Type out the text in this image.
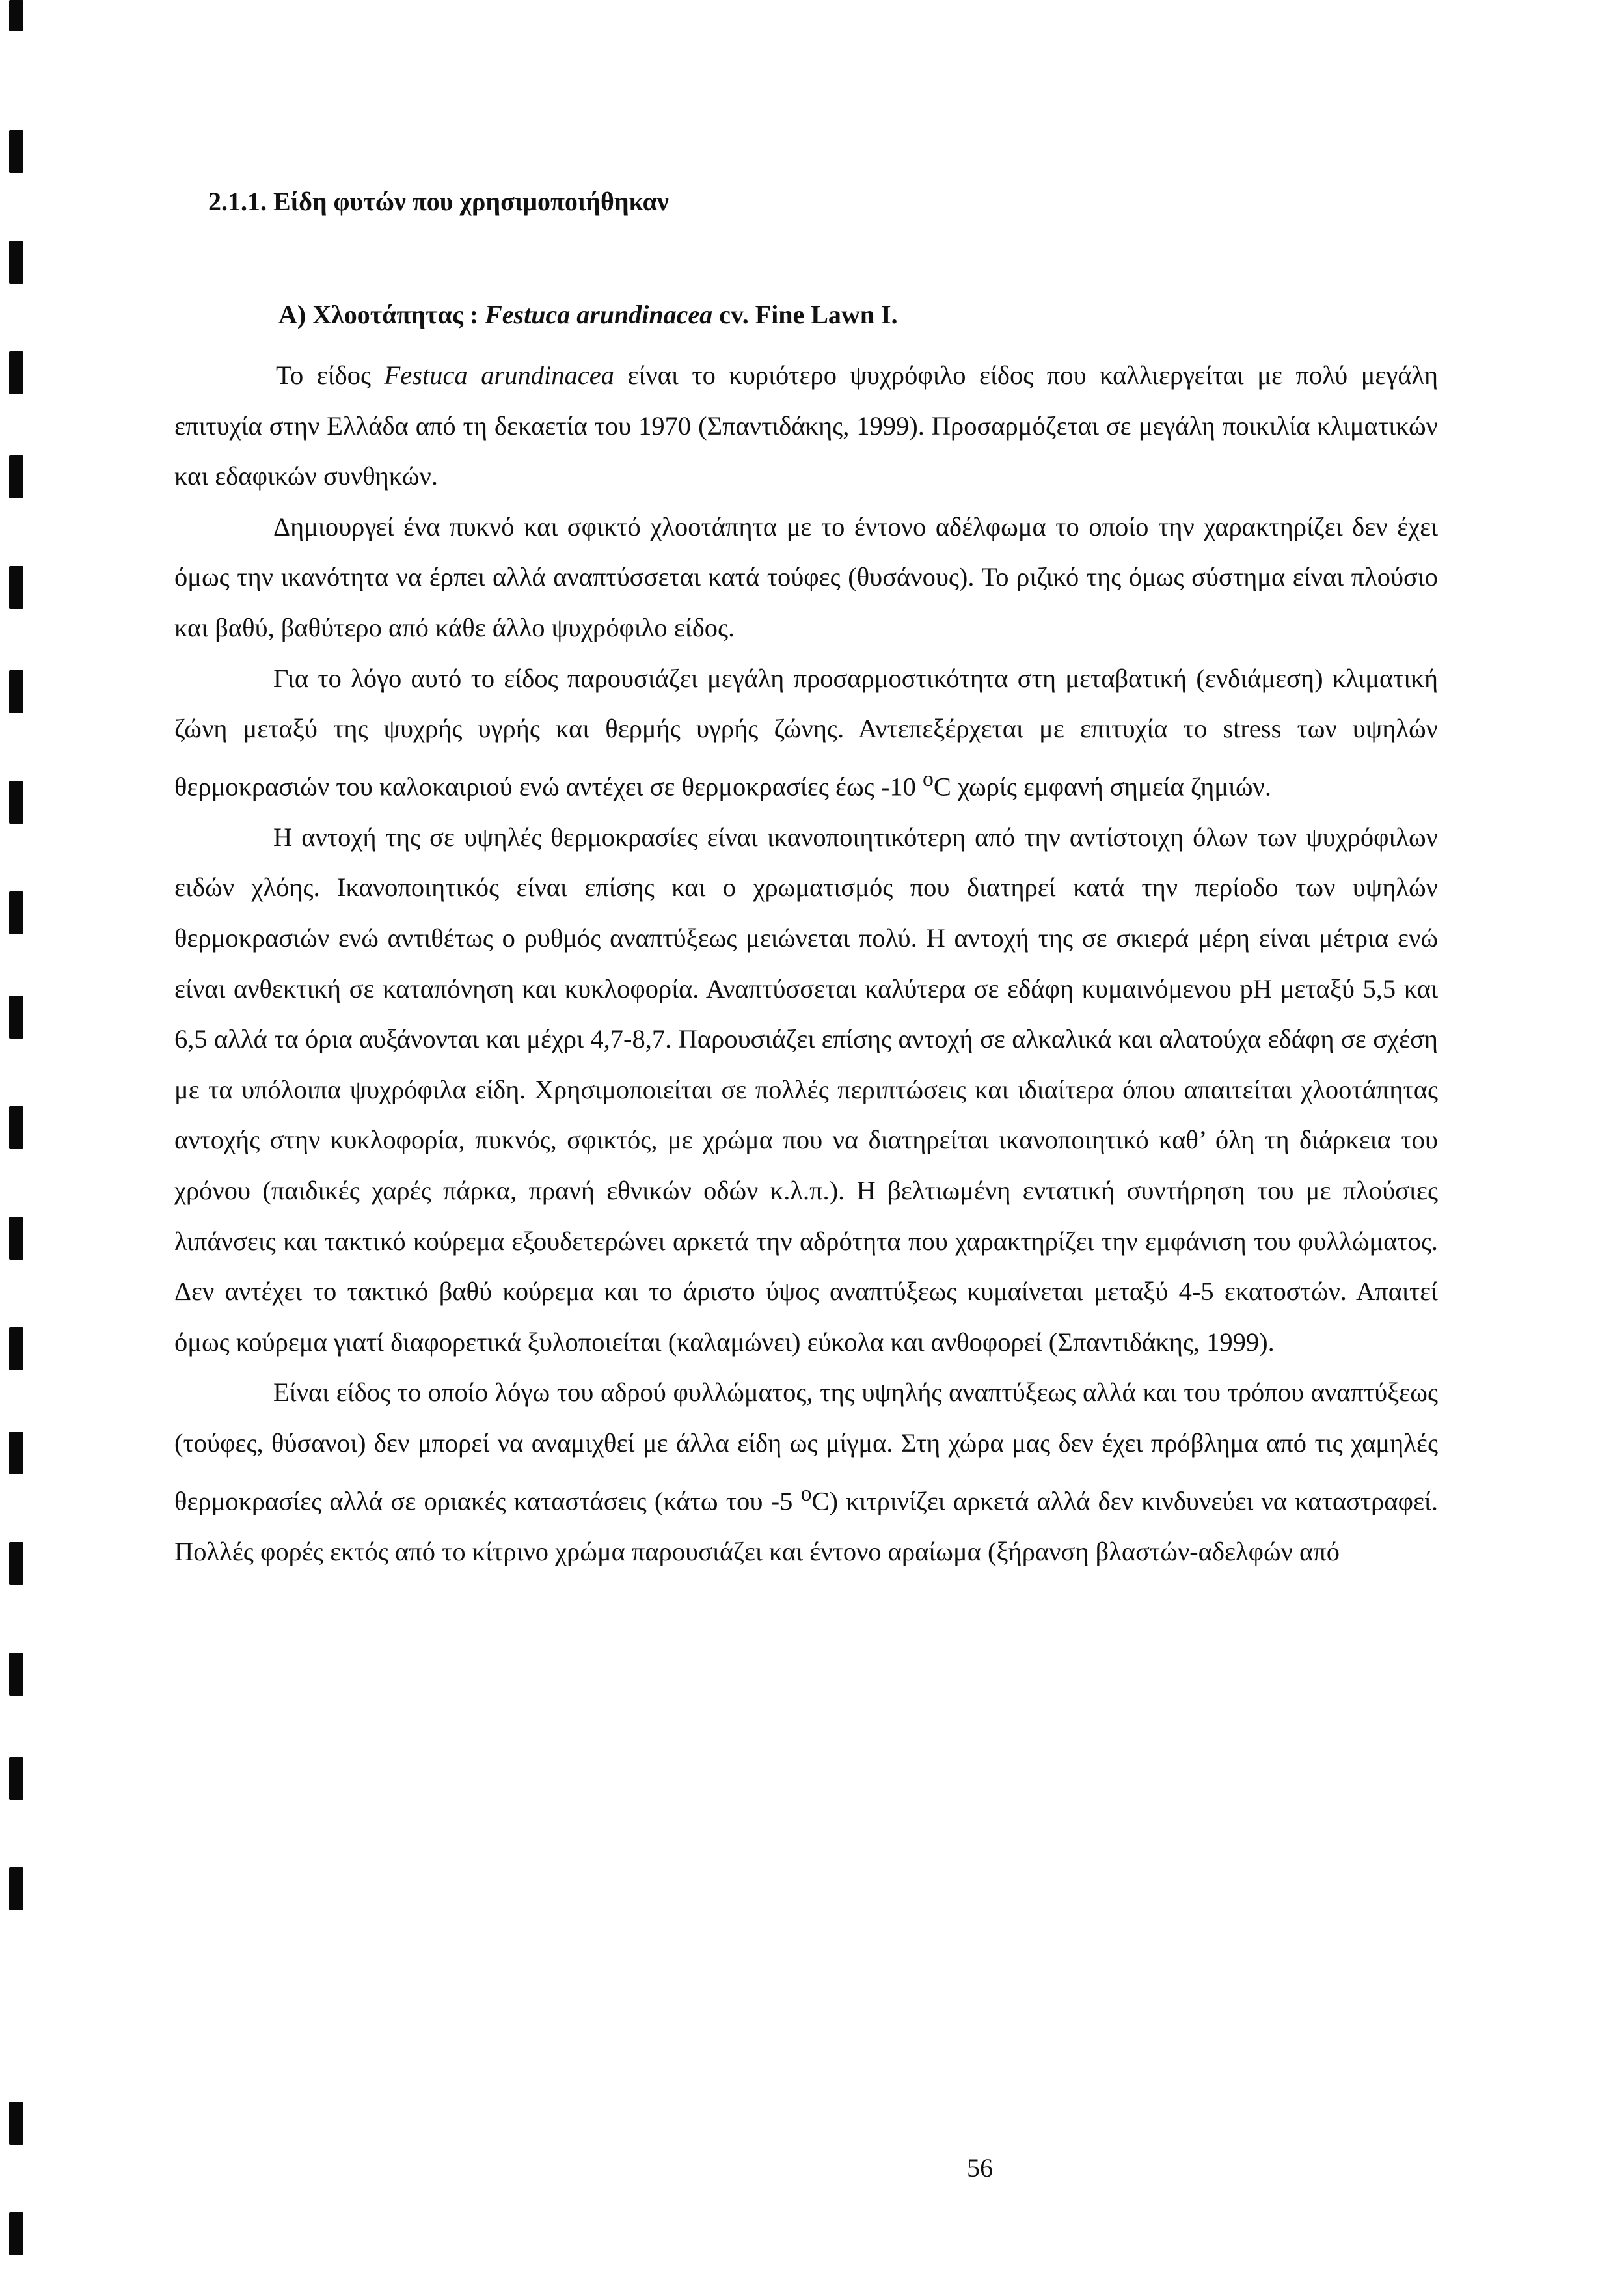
2.1.1. Είδη φυτών που χρησιμοποιήθηκαν
Α) Χλοοτάπητας : Festuca arundinacea cv. Fine Lawn I.

Το είδος Festuca arundinacea είναι το κυριότερο ψυχρόφιλο είδος που καλλιεργείται με πολύ μεγάλη επιτυχία στην Ελλάδα από τη δεκαετία του 1970 (Σπαντιδάκης, 1999). Προσαρμόζεται σε μεγάλη ποικιλία κλιματικών και εδαφικών συνθηκών.

Δημιουργεί ένα πυκνό και σφικτό χλοοτάπητα με το έντονο αδέλφωμα το οποίο την χαρακτηρίζει δεν έχει όμως την ικανότητα να έρπει αλλά αναπτύσσεται κατά τούφες (θυσάνους). Το ριζικό της όμως σύστημα είναι πλούσιο και βαθύ, βαθύτερο από κάθε άλλο ψυχρόφιλο είδος.

Για το λόγο αυτό το είδος παρουσιάζει μεγάλη προσαρμοστικότητα στη μεταβατική (ενδιάμεση) κλιματική ζώνη μεταξύ της ψυχρής υγρής και θερμής υγρής ζώνης. Αντεπεξέρχεται με επιτυχία το stress των υψηλών θερμοκρασιών του καλοκαιριού ενώ αντέχει σε θερμοκρασίες έως -10 $^o$C χωρίς εμφανή σημεία ζημιών.

Η αντοχή της σε υψηλές θερμοκρασίες είναι ικανοποιητικότερη από την αντίστοιχη όλων των ψυχρόφιλων ειδών χλόης. Ικανοποιητικός είναι επίσης και ο χρωματισμός που διατηρεί κατά την περίοδο των υψηλών θερμοκρασιών ενώ αντιθέτως ο ρυθμός αναπτύξεως μειώνεται πολύ. Η αντοχή της σε σκιερά μέρη είναι μέτρια ενώ είναι ανθεκτική σε καταπόνηση και κυκλοφορία. Αναπτύσσεται καλύτερα σε εδάφη κυμαινόμενου pH μεταξύ 5,5 και 6,5 αλλά τα όρια αυξάνονται και μέχρι 4,7-8,7. Παρουσιάζει επίσης αντοχή σε αλκαλικά και αλατούχα εδάφη σε σχέση με τα υπόλοιπα ψυχρόφιλα είδη. Χρησιμοποιείται σε πολλές περιπτώσεις και ιδιαίτερα όπου απαιτείται χλοοτάπητας αντοχής στην κυκλοφορία, πυκνός, σφικτός, με χρώμα που να διατηρείται ικανοποιητικό καθ’ όλη τη διάρκεια του χρόνου (παιδικές χαρές πάρκα, πρανή εθνικών οδών κ.λ.π.). Η βελτιωμένη εντατική συντήρηση του με πλούσιες λιπάνσεις και τακτικό κούρεμα εξουδετερώνει αρκετά την αδρότητα που χαρακτηρίζει την εμφάνιση του φυλλώματος. Δεν αντέχει το τακτικό βαθύ κούρεμα και το άριστο ύψος αναπτύξεως κυμαίνεται μεταξύ 4-5 εκατοστών. Απαιτεί όμως κούρεμα γιατί διαφορετικά ξυλοποιείται (καλαμώνει) εύκολα και ανθοφορεί (Σπαντιδάκης, 1999).

Είναι είδος το οποίο λόγω του αδρού φυλλώματος, της υψηλής αναπτύξεως αλλά και του τρόπου αναπτύξεως (τούφες, θύσανοι) δεν μπορεί να αναμιχθεί με άλλα είδη ως μίγμα. Στη χώρα μας δεν έχει πρόβλημα από τις χαμηλές θερμοκρασίες αλλά σε οριακές καταστάσεις (κάτω του -5 $^o$C) κιτρινίζει αρκετά αλλά δεν κινδυνεύει να καταστραφεί. Πολλές φορές εκτός από το κίτρινο χρώμα παρουσιάζει και έντονο αραίωμα (ξήρανση βλαστών-αδελφών από

56
